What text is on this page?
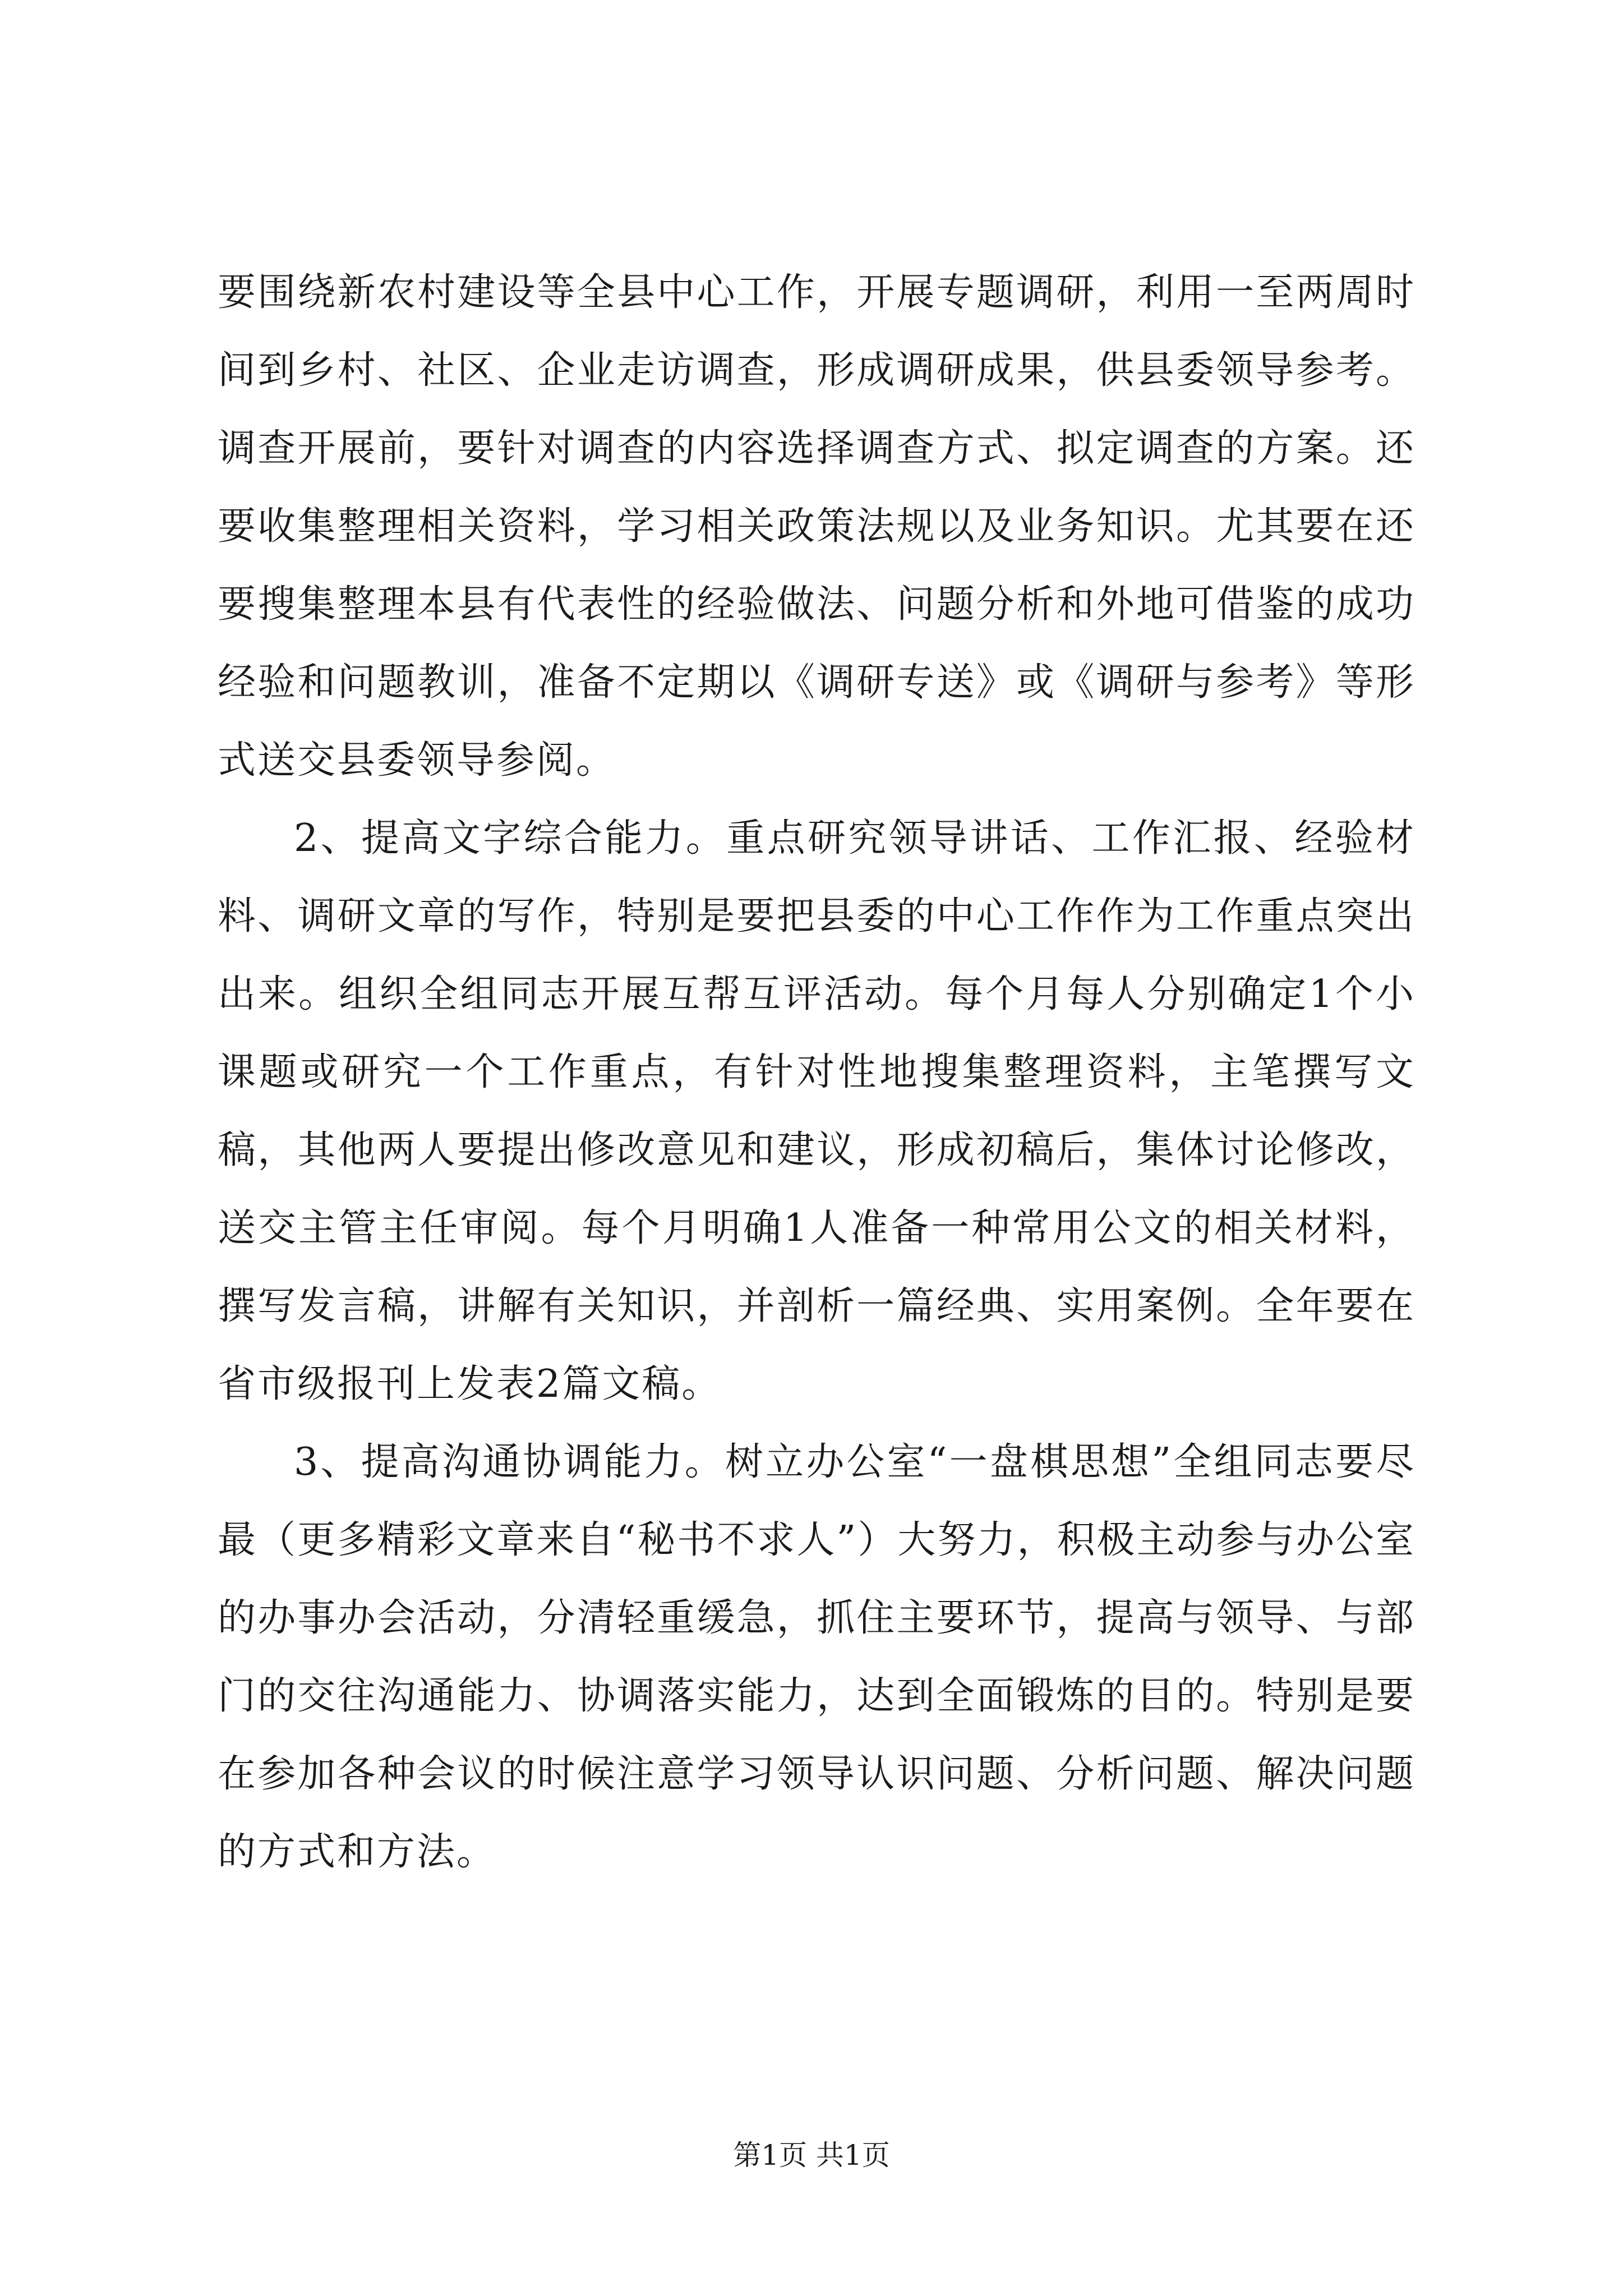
要围绕新农村建设等全县中心工作，开展专题调研，利用一至两周时间到乡村、社区、企业走访调查，形成调研成果，供县委领导参考。调查开展前，要针对调查的内容选择调查方式、拟定调查的方案。还要收集整理相关资料，学习相关政策法规以及业务知识。尤其要在还要搜集整理本县有代表性的经验做法、问题分析和外地可借鉴的成功经验和问题教训，准备不定期以《调研专送》或《调研与参考》等形式送交县委领导参阅。

2、提高文字综合能力。重点研究领导讲话、工作汇报、经验材料、调研文章的写作，特别是要把县委的中心工作作为工作重点突出出来。组织全组同志开展互帮互评活动。每个月每人分别确定1个小课题或研究一个工作重点，有针对性地搜集整理资料，主笔撰写文稿，其他两人要提出修改意见和建议，形成初稿后，集体讨论修改，送交主管主任审阅。每个月明确1人准备一种常用公文的相关材料，撰写发言稿，讲解有关知识，并剖析一篇经典、实用案例。全年要在省市级报刊上发表2篇文稿。

3、提高沟通协调能力。树立办公室“一盘棋思想”全组同志要尽最（更多精彩文章来自“秘书不求人”）大努力，积极主动参与办公室的办事办会活动，分清轻重缓急，抓住主要环节，提高与领导、与部门的交往沟通能力、协调落实能力，达到全面锻炼的目的。特别是要在参加各种会议的时候注意学习领导认识问题、分析问题、解决问题的方式和方法。

第1页 共1页
